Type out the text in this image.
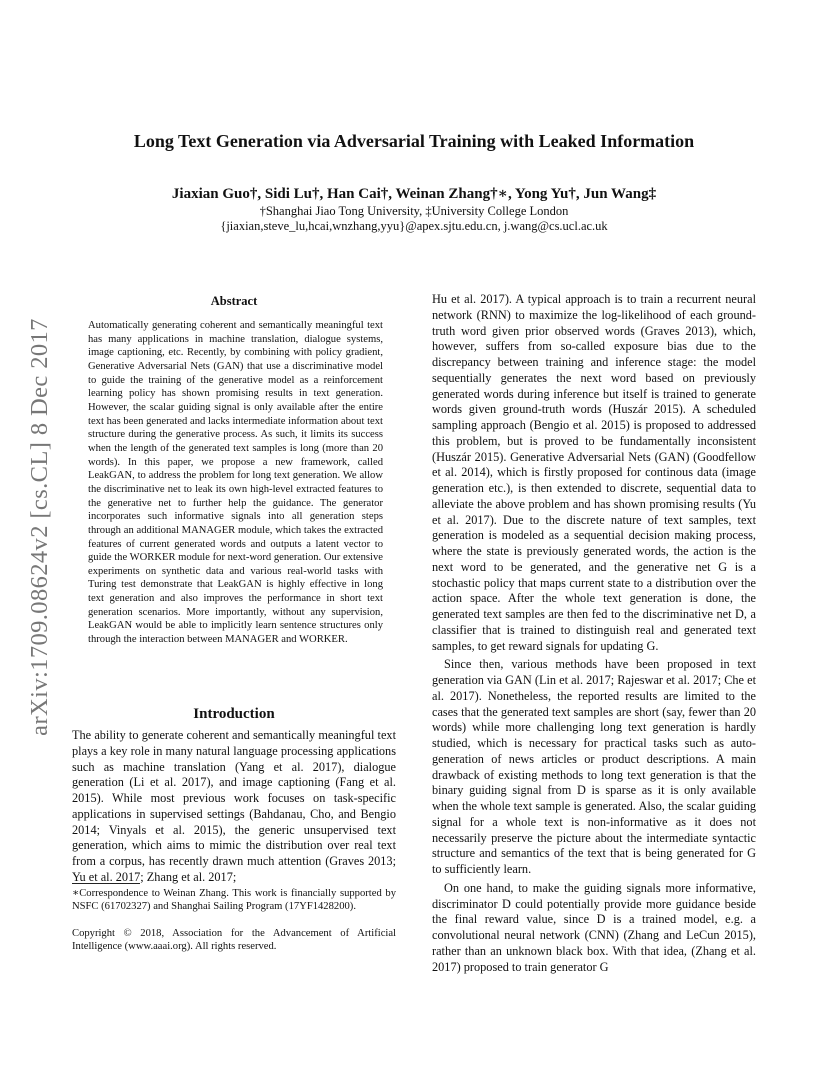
arXiv:1709.08624v2 [cs.CL] 8 Dec 2017
Long Text Generation via Adversarial Training with Leaked Information
Jiaxian Guo†, Sidi Lu†, Han Cai†, Weinan Zhang†∗, Yong Yu†, Jun Wang‡
†Shanghai Jiao Tong University, ‡University College London
{jiaxian,steve_lu,hcai,wnzhang,yyu}@apex.sjtu.edu.cn, j.wang@cs.ucl.ac.uk
Abstract

Automatically generating coherent and semantically meaningful text has many applications in machine translation, dialogue systems, image captioning, etc. Recently, by combining with policy gradient, Generative Adversarial Nets (GAN) that use a discriminative model to guide the training of the generative model as a reinforcement learning policy has shown promising results in text generation. However, the scalar guiding signal is only available after the entire text has been generated and lacks intermediate information about text structure during the generative process. As such, it limits its success when the length of the generated text samples is long (more than 20 words). In this paper, we propose a new framework, called LeakGAN, to address the problem for long text generation. We allow the discriminative net to leak its own high-level extracted features to the generative net to further help the guidance. The generator incorporates such informative signals into all generation steps through an additional MANAGER module, which takes the extracted features of current generated words and outputs a latent vector to guide the WORKER module for next-word generation. Our extensive experiments on synthetic data and various real-world tasks with Turing test demonstrate that LeakGAN is highly effective in long text generation and also improves the performance in short text generation scenarios. More importantly, without any supervision, LeakGAN would be able to implicitly learn sentence structures only through the interaction between MANAGER and WORKER.

Introduction

The ability to generate coherent and semantically meaningful text plays a key role in many natural language processing applications such as machine translation (Yang et al. 2017), dialogue generation (Li et al. 2017), and image captioning (Fang et al. 2015). While most previous work focuses on task-specific applications in supervised settings (Bahdanau, Cho, and Bengio 2014; Vinyals et al. 2015), the generic unsupervised text generation, which aims to mimic the distribution over real text from a corpus, has recently drawn much attention (Graves 2013; Yu et al. 2017; Zhang et al. 2017;

∗Correspondence to Weinan Zhang. This work is financially supported by NSFC (61702327) and Shanghai Sailing Program (17YF1428200).

Copyright © 2018, Association for the Advancement of Artificial Intelligence (www.aaai.org). All rights reserved.

Hu et al. 2017). A typical approach is to train a recurrent neural network (RNN) to maximize the log-likelihood of each ground-truth word given prior observed words (Graves 2013), which, however, suffers from so-called exposure bias due to the discrepancy between training and inference stage: the model sequentially generates the next word based on previously generated words during inference but itself is trained to generate words given ground-truth words (Huszár 2015). A scheduled sampling approach (Bengio et al. 2015) is proposed to addressed this problem, but is proved to be fundamentally inconsistent (Huszár 2015). Generative Adversarial Nets (GAN) (Goodfellow et al. 2014), which is firstly proposed for continous data (image generation etc.), is then extended to discrete, sequential data to alleviate the above problem and has shown promising results (Yu et al. 2017). Due to the discrete nature of text samples, text generation is modeled as a sequential decision making process, where the state is previously generated words, the action is the next word to be generated, and the generative net G is a stochastic policy that maps current state to a distribution over the action space. After the whole text generation is done, the generated text samples are then fed to the discriminative net D, a classifier that is trained to distinguish real and generated text samples, to get reward signals for updating G.

Since then, various methods have been proposed in text generation via GAN (Lin et al. 2017; Rajeswar et al. 2017; Che et al. 2017). Nonetheless, the reported results are limited to the cases that the generated text samples are short (say, fewer than 20 words) while more challenging long text generation is hardly studied, which is necessary for practical tasks such as auto-generation of news articles or product descriptions. A main drawback of existing methods to long text generation is that the binary guiding signal from D is sparse as it is only available when the whole text sample is generated. Also, the scalar guiding signal for a whole text is non-informative as it does not necessarily preserve the picture about the intermediate syntactic structure and semantics of the text that is being generated for G to sufficiently learn.

On one hand, to make the guiding signals more informative, discriminator D could potentially provide more guidance beside the final reward value, since D is a trained model, e.g. a convolutional neural network (CNN) (Zhang and LeCun 2015), rather than an unknown black box. With that idea, (Zhang et al. 2017) proposed to train generator G
